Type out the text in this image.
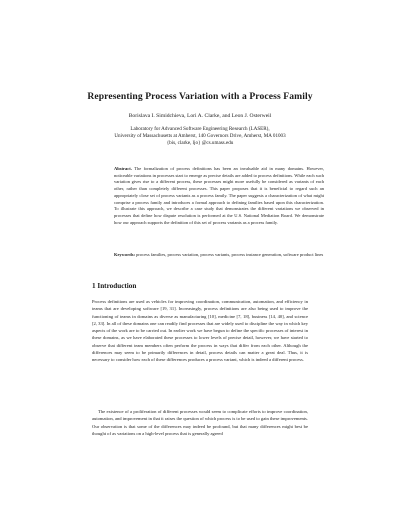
Representing Process Variation with a Process Family
Borislava I. Simidchieva, Lori A. Clarke, and Leon J. Osterweil
Laboratory for Advanced Software Engineering Research (LASER),
University of Massachusetts at Amherst, 140 Governors Drive, Amherst, MA 01003
{bis, clarke, ljo} @cs.umass.edu
Abstract. The formalization of process definitions has been an invaluable aid in many domains. However, noticeable variations in processes start to emerge as precise details are added to process definitions. While each such variation gives rise to a different process, these processes might more usefully be considered as variants of each other, rather than completely different processes. This paper proposes that it is beneficial to regard such an appropriately close set of process variants as a process family. The paper suggests a characterization of what might comprise a process family and introduces a formal approach to defining families based upon this characterization. To illustrate this approach, we describe a case study that demonstrates the different variations we observed in processes that define how dispute resolution is performed at the U.S. National Mediation Board. We demonstrate how our approach supports the definition of this set of process variants as a process family.
Keywords: process families, process variation, process variants, process instance generation, software product lines
1 Introduction
Process definitions are used as vehicles for improving coordination, communication, automation, and efficiency in teams that are developing software [19, 31]. Increasingly, process definitions are also being used to improve the functioning of teams in domains as diverse as manufacturing [10], medicine [7, 18], business [14, 40], and science [2, 33]. In all of these domains one can readily find processes that are widely used to discipline the way in which key aspects of the work are to be carried out. In earlier work we have begun to define the specific processes of interest in these domains, as we have elaborated these processes to lower levels of precise detail, however, we have started to observe that different team members often perform the process in ways that differ from each other. Although the differences may seem to be primarily differences in detail, process details can matter a great deal. Thus, it is necessary to consider how each of these differences produces a process variant, which is indeed a different process.
The existence of a proliferation of different processes would seem to complicate efforts to improve coordination, automation, and improvement in that it raises the question of which process is to be used to gain these improvements. Our observation is that some of the differences may indeed be profound, but that many differences might best be thought of as variations on a high-level process that is generally agreed
